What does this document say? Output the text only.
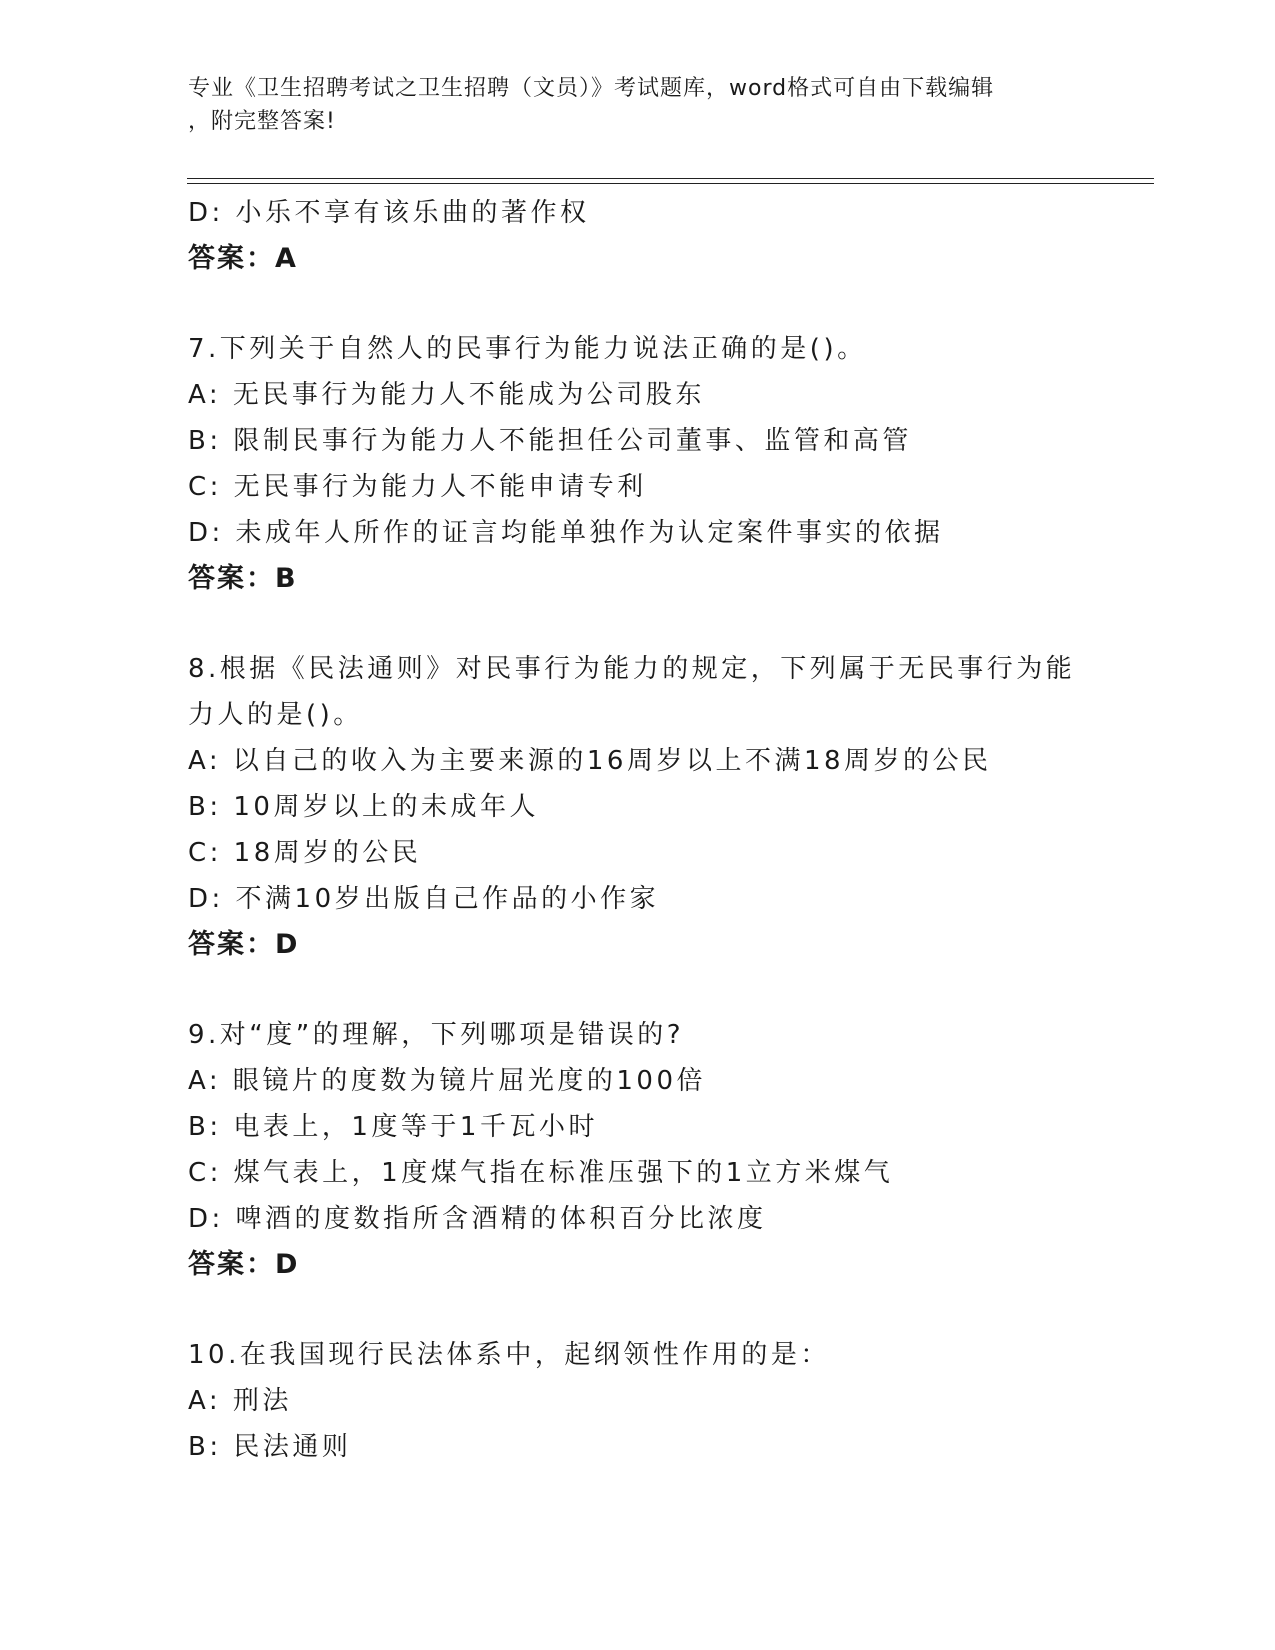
专业《卫生招聘考试之卫生招聘（文员）》考试题库，word格式可自由下载编辑
，附完整答案!
D: 小乐不享有该乐曲的著作权
答案：A
7.下列关于自然人的民事行为能力说法正确的是()。
A: 无民事行为能力人不能成为公司股东
B: 限制民事行为能力人不能担任公司董事、监管和高管
C: 无民事行为能力人不能申请专利
D: 未成年人所作的证言均能单独作为认定案件事实的依据
答案：B
8.根据《民法通则》对民事行为能力的规定，下列属于无民事行为能
力人的是()。
A: 以自己的收入为主要来源的16周岁以上不满18周岁的公民
B: 10周岁以上的未成年人
C: 18周岁的公民
D: 不满10岁出版自己作品的小作家
答案：D
9.对“度”的理解，下列哪项是错误的?
A: 眼镜片的度数为镜片屈光度的100倍
B: 电表上，1度等于1千瓦小时
C: 煤气表上，1度煤气指在标准压强下的1立方米煤气
D: 啤酒的度数指所含酒精的体积百分比浓度
答案：D
10.在我国现行民法体系中，起纲领性作用的是：
A: 刑法
B: 民法通则
